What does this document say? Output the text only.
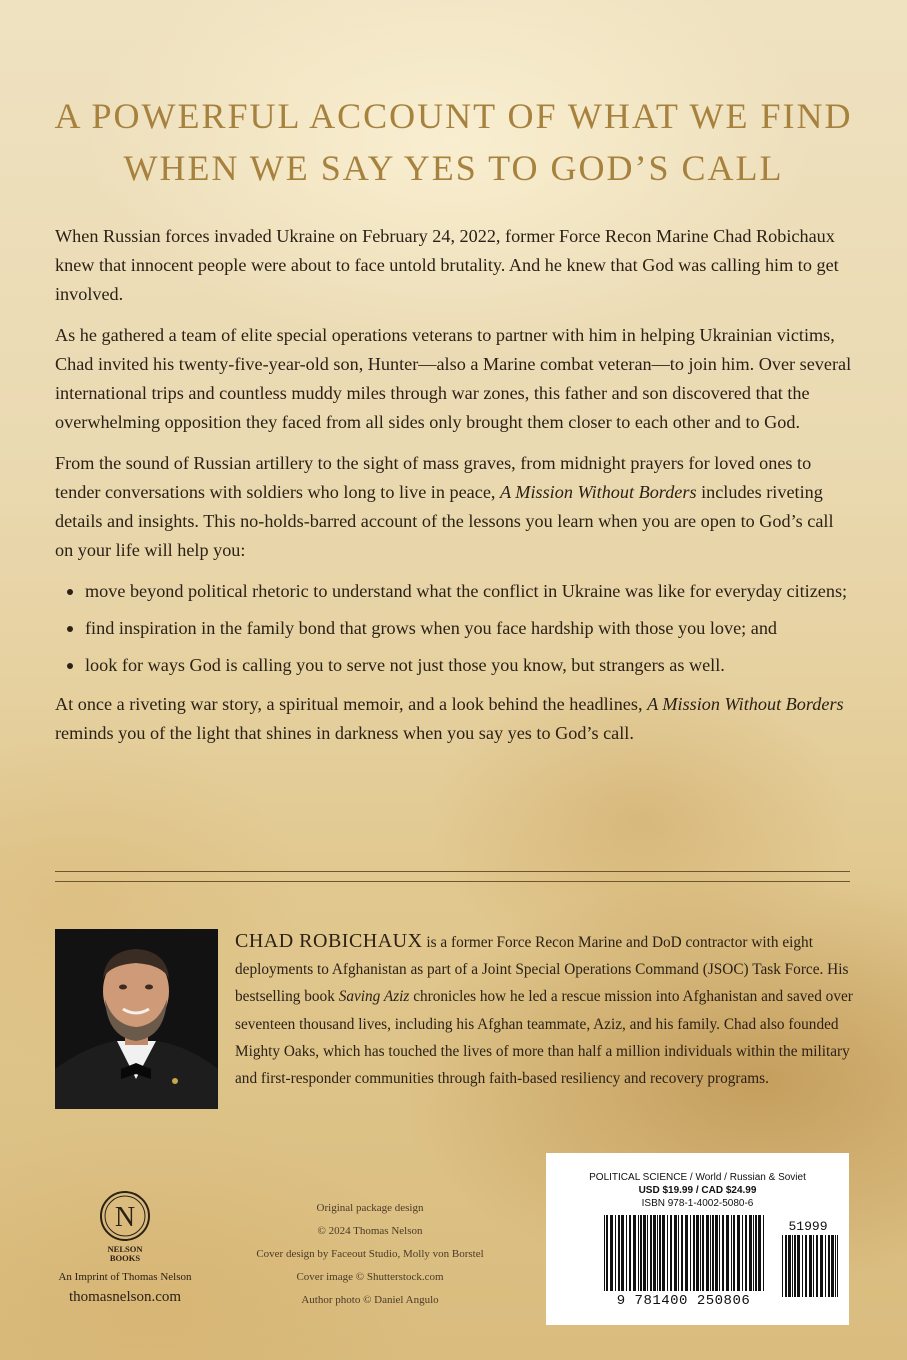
A POWERFUL ACCOUNT OF WHAT WE FIND
WHEN WE SAY YES TO GOD’S CALL

When Russian forces invaded Ukraine on February 24, 2022, former Force Recon Marine Chad Robichaux knew that innocent people were about to face untold brutality. And he knew that God was calling him to get involved.

As he gathered a team of elite special operations veterans to partner with him in helping Ukrainian victims, Chad invited his twenty-five-year-old son, Hunter—also a Marine combat veteran—to join him. Over several international trips and countless muddy miles through war zones, this father and son discovered that the overwhelming opposition they faced from all sides only brought them closer to each other and to God.

From the sound of Russian artillery to the sight of mass graves, from midnight prayers for loved ones to tender conversations with soldiers who long to live in peace, A Mission Without Borders includes riveting details and insights. This no-holds-barred account of the lessons you learn when you are open to God’s call on your life will help you:

move beyond political rhetoric to understand what the conflict in Ukraine was like for everyday citizens;
find inspiration in the family bond that grows when you face hardship with those you love; and
look for ways God is calling you to serve not just those you know, but strangers as well.

At once a riveting war story, a spiritual memoir, and a look behind the headlines, A Mission Without Borders reminds you of the light that shines in darkness when you say yes to God’s call.

CHAD ROBICHAUX is a former Force Recon Marine and DoD contractor with eight deployments to Afghanistan as part of a Joint Special Operations Command (JSOC) Task Force. His bestselling book Saving Aziz chronicles how he led a rescue mission into Afghanistan and saved over seventeen thousand lives, including his Afghan teammate, Aziz, and his family. Chad also founded Mighty Oaks, which has touched the lives of more than half a million individuals within the military and first-responder communities through faith-based resiliency and recovery programs.
N
NELSON
BOOKS
An Imprint of Thomas Nelson
thomasnelson.com
Original package design
© 2024 Thomas Nelson
Cover design by Faceout Studio, Molly von Borstel
Cover image © Shutterstock.com
Author photo © Daniel Angulo
POLITICAL SCIENCE / World / Russian & Soviet
USD $19.99 / CAD $24.99
ISBN 978-1-4002-5080-6
9 781400 250806
51999
